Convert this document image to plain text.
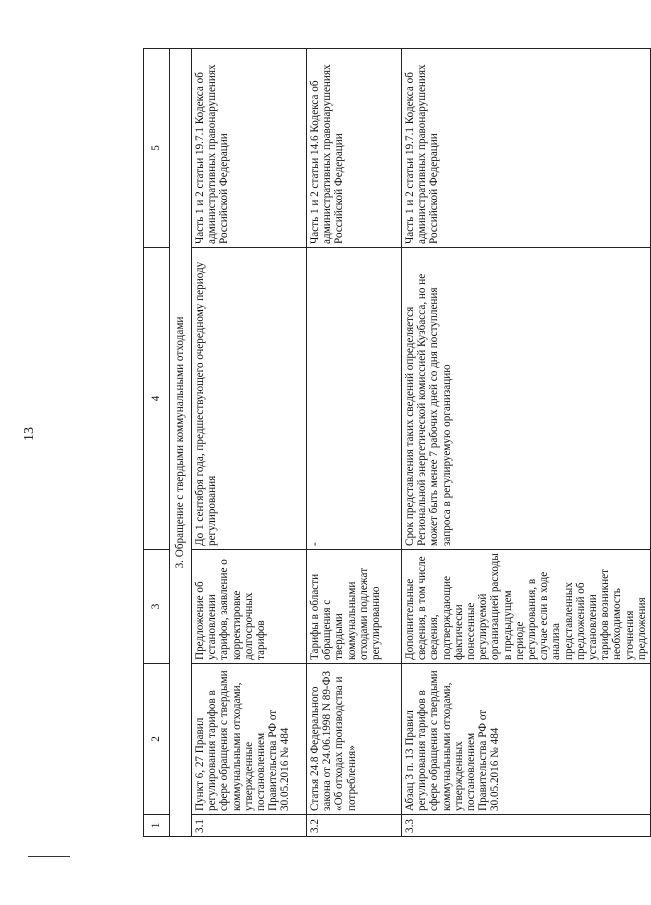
13
1	2	3	4	5
3. Обращение с твердыми коммунальными отходами				
3.1	Пункт 6, 27 Правил регулирования тарифов в сфере обращения с твердыми коммунальными отходами, утвержденные постановлением Правительства РФ от 30.05.2016 № 484	Предложение об установлении тарифов, заявление о корректировке долгосрочных тарифов	До 1 сентября года, предшествующего очередному периоду регулирования	Часть 1 и 2 статьи 19.7.1 Кодекса об административных правонарушениях Российской Федерации
3.2	Статья 24.8 Федерального закона от 24.06.1998 N 89-ФЗ «Об отходах производства и потребления»	Тарифы в области обращения с твердыми коммунальными отходами подлежат регулированию	-	Часть 1 и 2 статьи 14.6 Кодекса об административных правонарушениях Российской Федерации
3.3	Абзац 3 п. 13 Правил регулирования тарифов в сфере обращения с твердыми коммунальными отходами, утвержденных постановлением Правительства РФ от 30.05.2016 № 484	Дополнительные сведения, в том числе сведения, подтверждающие фактически понесенные регулируемой организацией расходы в предыдущем периоде регулирования, в случае если в ходе анализа представленных предложений об установлении тарифов возникнет необходимость уточнения предложения	Срок представления таких сведений определяется Региональной энергетической комиссией Кузбасса, но не может быть менее 7 рабочих дней со дня поступления запроса в регулируемую организацию	Часть 1 и 2 статьи 19.7.1 Кодекса об административных правонарушениях Российской Федерации
